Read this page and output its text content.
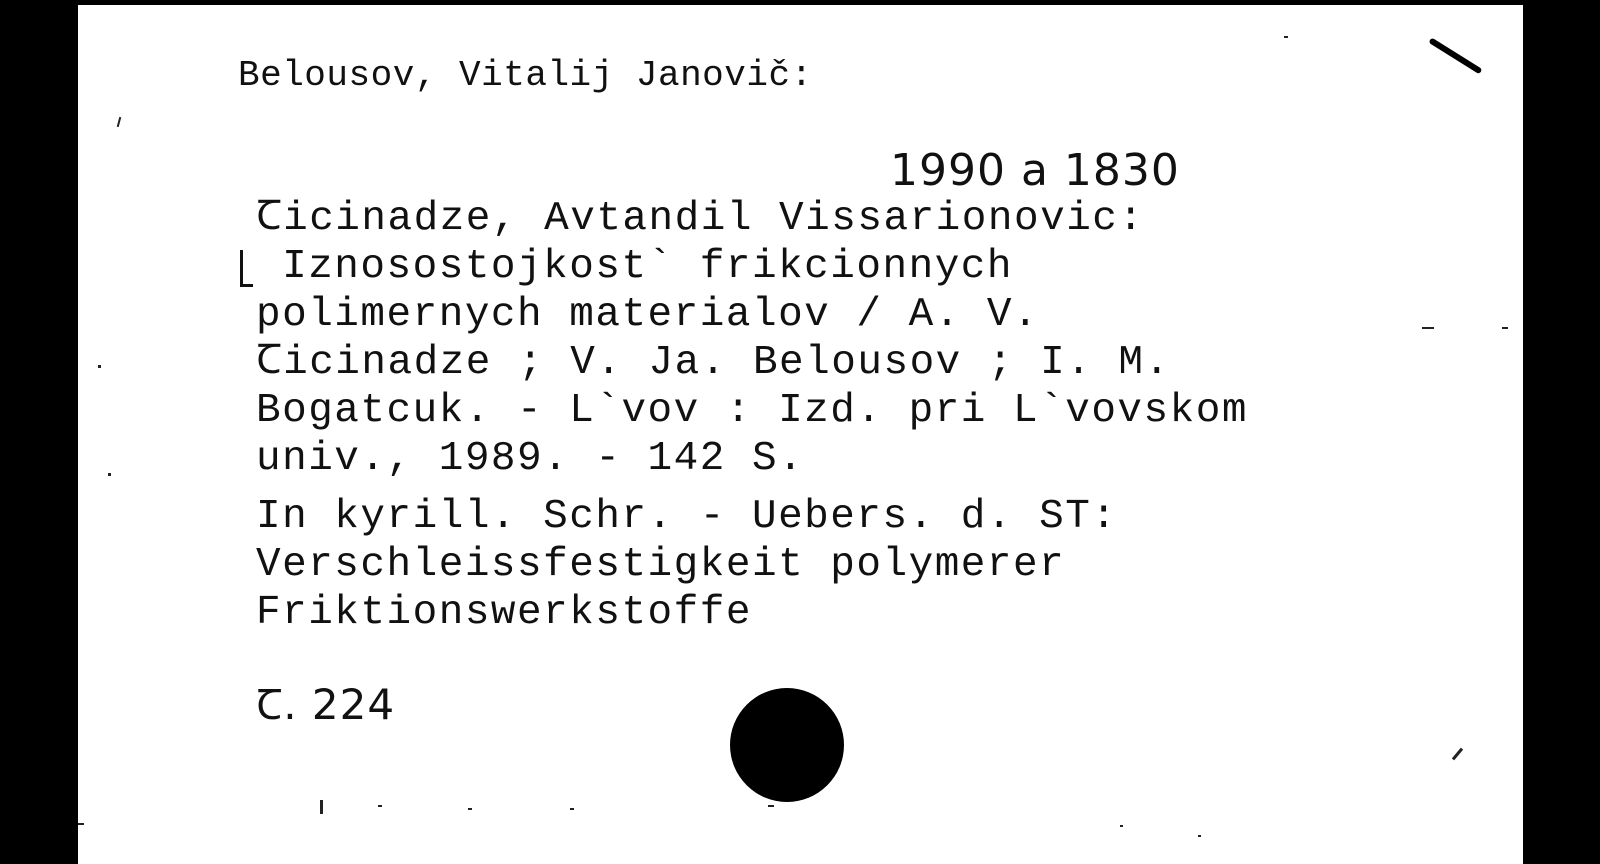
Belousov, Vitalij Janovič:

1990 a 1830

Ꞇicinadze, Avtandil Vissarionovic:

Iznosostojkost` frikcionnych

polimernych materialov / A. V.

Ꞇicinadze ; V. Ja. Belousov ; I. M.

Bogatcuk. - L`vov : Izd. pri L`vovskom

univ., 1989. - 142 S.

In kyrill. Schr. - Uebers. d. ST:

Verschleissfestigkeit polymerer

Friktionswerkstoffe

Ꞇ. 224
